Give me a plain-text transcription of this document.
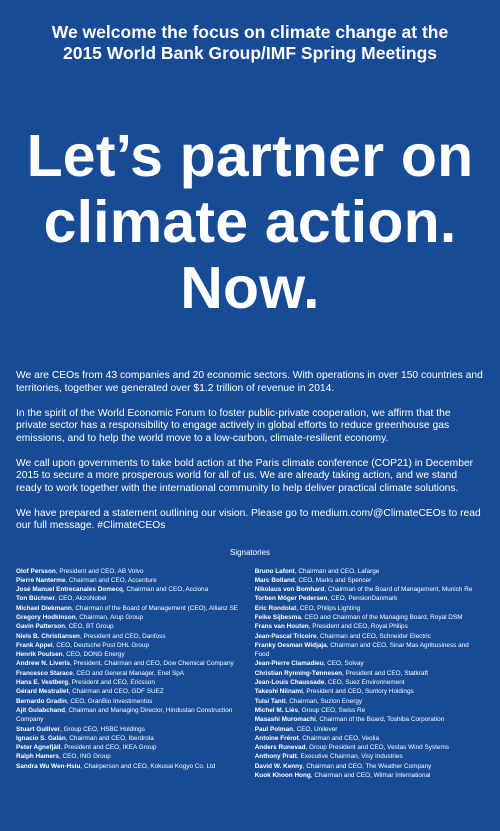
We welcome the focus on climate change at the
2015 World Bank Group/IMF Spring Meetings
Let’s partner on
climate action.
Now.

We are CEOs from 43 companies and 20 economic sectors. With operations in over 150 countries and territories, together we generated over $1.2 trillion of revenue in 2014.

In the spirit of the World Economic Forum to foster public-private cooperation, we affirm that the private sector has a responsibility to engage actively in global efforts to reduce greenhouse gas emissions, and to help the world move to a low-carbon, climate-resilient economy.

We call upon governments to take bold action at the Paris climate conference (COP21) in December 2015 to secure a more prosperous world for all of us. We are already taking action, and we stand ready to work together with the international community to help deliver practical climate solutions.

We have prepared a statement outlining our vision. Please go to medium.com/@ClimateCEOs to read our full message. #ClimateCEOs

Signatories

Olof Persson, President and CEO, AB Volvo

Pierre Nanterme, Chairman and CEO, Accenture

José Manuel Entrecanales Domecq, Chairman and CEO, Acciona

Ton Büchner, CEO, AkzoNobel

Michael Diekmann, Chairman of the Board of Management (CEO), Allianz SE

Gregory Hodkinson, Chairman, Arup Group

Gavin Patterson, CEO, BT Group

Niels B. Christiansen, President and CEO, Danfoss

Frank Appel, CEO, Deutsche Post DHL Group

Henrik Poulsen, CEO, DONG Energy

Andrew N. Liveris, President, Chairman and CEO, Dow Chemical Company

Francesco Starace, CEO and General Manager, Enel SpA

Hans E. Vestberg, President and CEO, Ericsson

Gérard Mestrallet, Chairman and CEO, GDF SUEZ

Bernardo Gradin, CEO, GranBio Investimentos

Ajit Gulabchand, Chairman and Managing Director, Hindustan Construction Company

Stuart Gulliver, Group CEO, HSBC Holdings

Ignacio S. Galán, Chairman and CEO, Iberdrola

Peter Agnefjäll, President and CEO, IKEA Group

Ralph Hamers, CEO, ING Group

Sandra Wu Wen-Hsiu, Chairperson and CEO, Kokusai Kogyo Co. Ltd

Bruno Lafont, Chairman and CEO, Lafarge

Marc Bolland, CEO, Marks and Spencer

Nikolaus von Bomhard, Chairman of the Board of Management, Munich Re

Torben Möger Pedersen, CEO, PensionDanmark

Eric Rondolat, CEO, Philips Lighting

Feike Sijbesma, CEO and Chairman of the Managing Board, Royal DSM

Frans van Houten, President and CEO, Royal Philips

Jean-Pascal Tricoire, Chairman and CEO, Schneider Electric

Franky Oesman Widjaja, Chairman and CEO, Sinar Mas Agribusiness and Food

Jean-Pierre Clamadieu, CEO, Solvay

Christian Rynning-Tønnesen, President and CEO, Statkraft

Jean-Louis Chaussade, CEO, Suez Environnement

Takeshi Niinami, President and CEO, Suntory Holdings

Tulsi Tanti, Chairman, Suzlon Energy

Michel M. Liès, Group CEO, Swiss Re

Masashi Muromachi, Chairman of the Board, Toshiba Corporation

Paul Polman, CEO, Unilever

Antoine Frérot, Chairman and CEO, Veolia

Anders Runevad, Group President and CEO, Vestas Wind Systems

Anthony Pratt, Executive Chairman, Visy Industries

David W. Kenny, Chairman and CEO, The Weather Company

Kuok Khoon Hong, Chairman and CEO, Wilmar International
